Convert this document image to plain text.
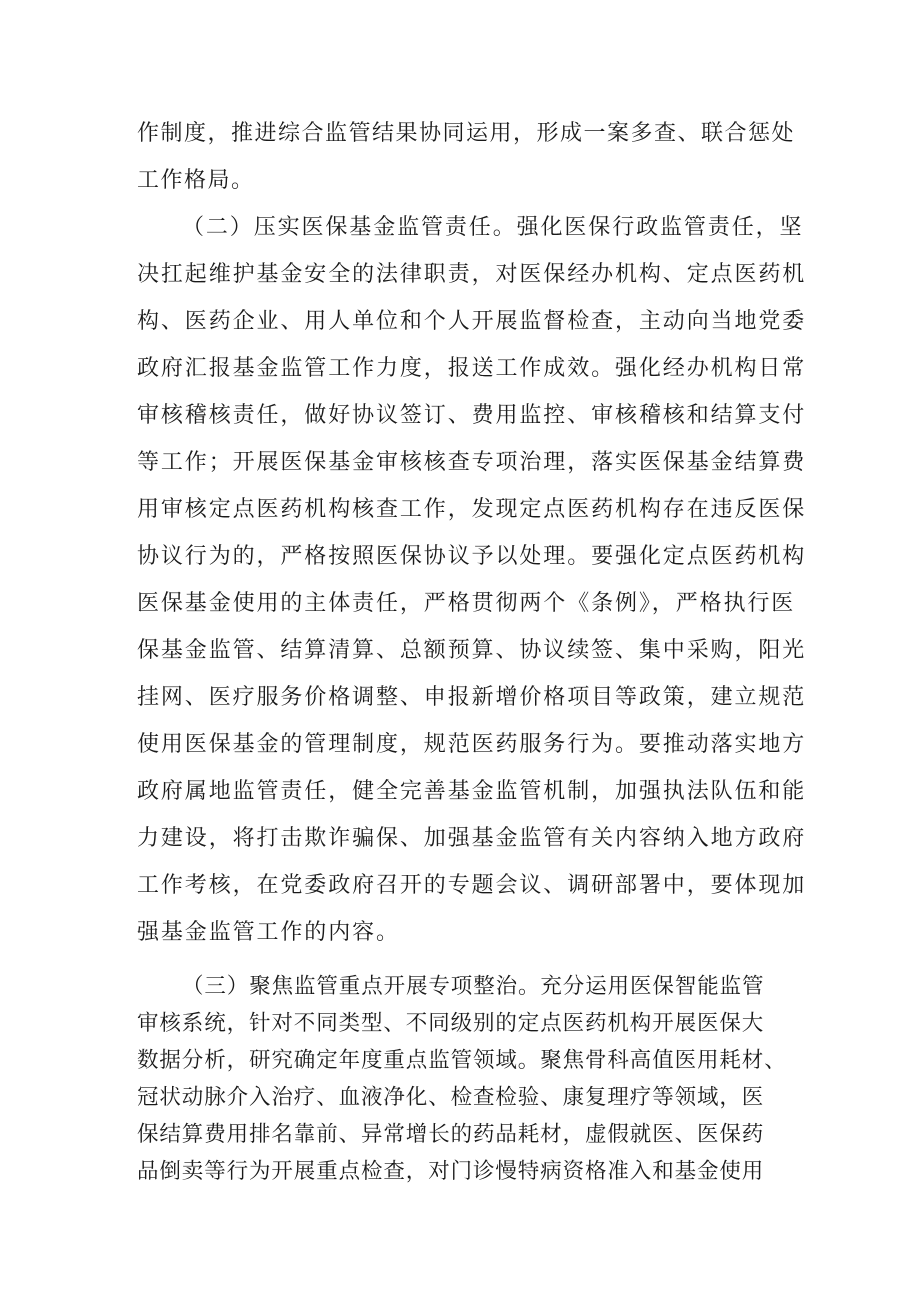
作制度，推进综合监管结果协同运用，形成一案多查、联合惩处
工作格局。
（二）压实医保基金监管责任。强化医保行政监管责任，坚
决扛起维护基金安全的法律职责，对医保经办机构、定点医药机
构、医药企业、用人单位和个人开展监督检查，主动向当地党委
政府汇报基金监管工作力度，报送工作成效。强化经办机构日常
审核稽核责任，做好协议签订、费用监控、审核稽核和结算支付
等工作；开展医保基金审核核查专项治理，落实医保基金结算费
用审核定点医药机构核查工作，发现定点医药机构存在违反医保
协议行为的，严格按照医保协议予以处理。要强化定点医药机构
医保基金使用的主体责任，严格贯彻两个《条例》，严格执行医
保基金监管、结算清算、总额预算、协议续签、集中采购，阳光
挂网、医疗服务价格调整、申报新增价格项目等政策，建立规范
使用医保基金的管理制度，规范医药服务行为。要推动落实地方
政府属地监管责任，健全完善基金监管机制，加强执法队伍和能
力建设，将打击欺诈骗保、加强基金监管有关内容纳入地方政府
工作考核，在党委政府召开的专题会议、调研部署中，要体现加
强基金监管工作的内容。
（三）聚焦监管重点开展专项整治。充分运用医保智能监管
审核系统，针对不同类型、不同级别的定点医药机构开展医保大
数据分析，研究确定年度重点监管领域。聚焦骨科高值医用耗材、
冠状动脉介入治疗、血液净化、检查检验、康复理疗等领域，医
保结算费用排名靠前、异常增长的药品耗材，虚假就医、医保药
品倒卖等行为开展重点检查，对门诊慢特病资格准入和基金使用
